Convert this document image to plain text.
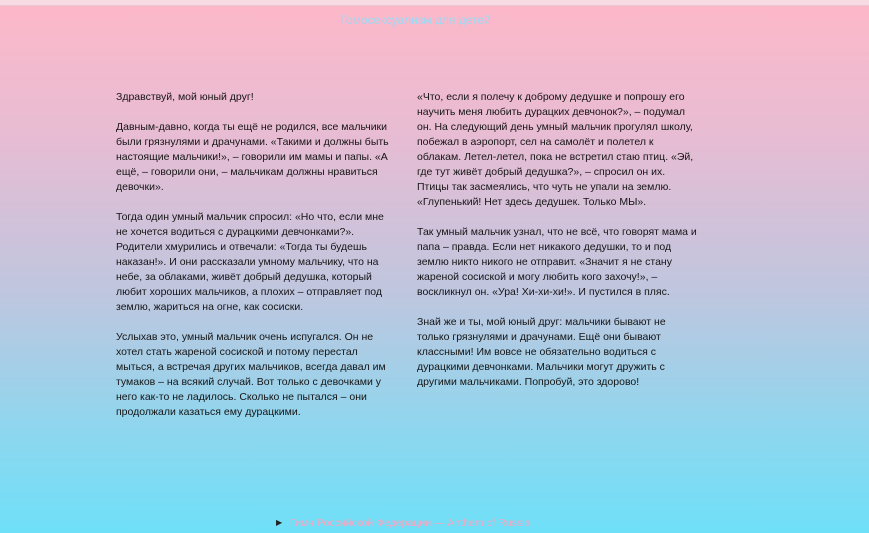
Гомосексуализм для детей

Здравствуй, мой юный друг!

Давным-давно, когда ты ещё не родился, все мальчики были грязнулями и драчунами. «Такими и должны быть настоящие мальчики!», – говорили им мамы и папы. «А ещё, – говорили они, – мальчикам должны нравиться девочки».

Тогда один умный мальчик спросил: «Но что, если мне не хочется водиться с дурацкими девчонками?». Родители хмурились и отвечали: «Тогда ты будешь наказан!». И они рассказали умному мальчику, что на небе, за облаками, живёт добрый дедушка, который любит хороших мальчиков, а плохих – отправляет под землю, жариться на огне, как сосиски.

Услыхав это, умный мальчик очень испугался. Он не хотел стать жареной сосиской и потому перестал мыться, а встречая других мальчиков, всегда давал им тумаков – на всякий случай. Вот только с девочками у него как-то не ладилось. Сколько не пытался – они продолжали казаться ему дурацкими.

«Что, если я полечу к доброму дедушке и попрошу его научить меня любить дурацких девчонок?», – подумал он. На следующий день умный мальчик прогулял школу, побежал в аэропорт, сел на самолёт и полетел к облакам. Летел-летел, пока не встретил стаю птиц. «Эй, где тут живёт добрый дедушка?», – спросил он их. Птицы так засмеялись, что чуть не упали на землю. «Глупенький! Нет здесь дедушек. Только МЫ».

Так умный мальчик узнал, что не всё, что говорят мама и папа – правда. Если нет никакого дедушки, то и под землю никто никого не отправит. «Значит я не стану жареной сосиской и могу любить кого захочу!», – воскликнул он. «Ура! Хи-хи-хи!». И пустился в пляс.

Знай же и ты, мой юный друг: мальчики бывают не только грязнулями и драчунами. Ещё они бывают классными! Им вовсе не обязательно водиться с дурацкими девчонками. Мальчики могут дружить с другими мальчиками. Попробуй, это здорово!

▶ Гимн Российской Федерации — Anthem of Russia
